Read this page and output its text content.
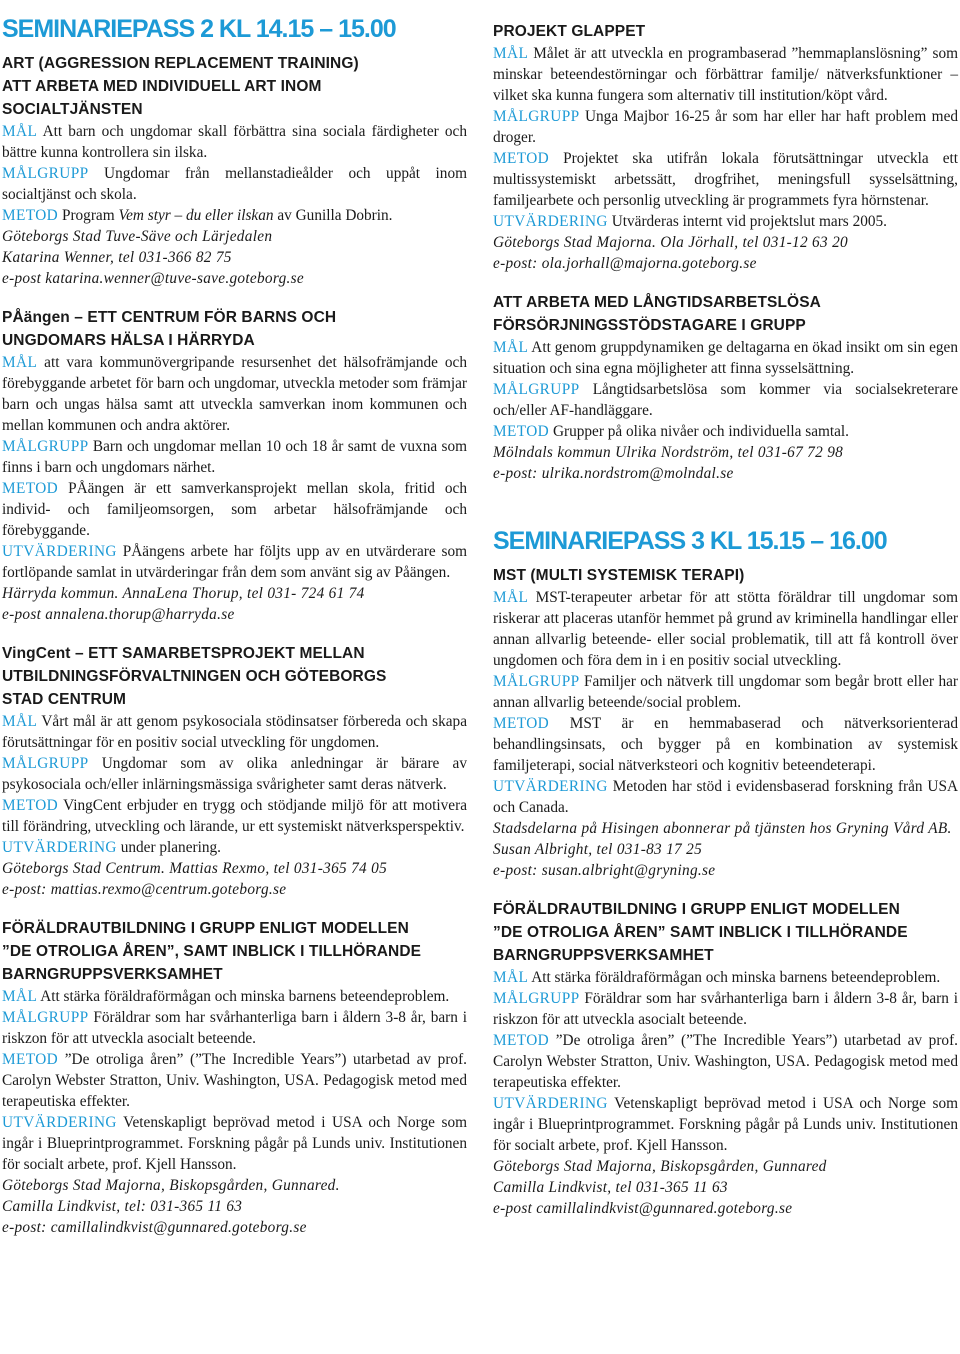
SEMINARIEPASS 2 KL 14.15 – 15.00
ART (AGGRESSION REPLACEMENT TRAINING)
ATT ARBETA MED INDIVIDUELL ART INOM
SOCIALTJÄNSTEN

MÅL Att barn och ungdomar skall förbättra sina sociala färdigheter och bättre kunna kontrollera sin ilska.

MÅLGRUPP Ungdomar från mellanstadieålder och uppåt inom socialtjänst och skola.

METOD Program Vem styr – du eller ilskan av Gunilla Dobrin.

Göteborgs Stad Tuve-Säve och Lärjedalen

Katarina Wenner, tel 031-366 82 75

e-post katarina.wenner@tuve-save.goteborg.se

PÅängen – ETT CENTRUM FÖR BARNS OCH
UNGDOMARS HÄLSA I HÄRRYDA

MÅL att vara kommunövergripande resursenhet det hälsofrämjande och förebyggande arbetet för barn och ungdomar, utveckla metoder som främjar barn och ungas hälsa samt att utveckla samverkan inom kommunen och mellan kommunen och andra aktörer.

MÅLGRUPP Barn och ungdomar mellan 10 och 18 år samt de vuxna som finns i barn och ungdomars närhet.

METOD PÅängen är ett samverkansprojekt mellan skola, fritid och individ- och familjeomsorgen, som arbetar hälsofrämjande och förebyggande.

UTVÄRDERING PÅängens arbete har följts upp av en utvärderare som fortlöpande samlat in utvärderingar från dem som använt sig av Påängen.

Härryda kommun. AnnaLena Thorup, tel 031- 724 61 74

e-post annalena.thorup@harryda.se

VingCent – ETT SAMARBETSPROJEKT MELLAN
UTBILDNINGSFÖRVALTNINGEN OCH GÖTEBORGS
STAD CENTRUM

MÅL Vårt mål är att genom psykosociala stödinsatser förbereda och skapa förutsättningar för en positiv social utveckling för ungdomen.

MÅLGRUPP Ungdomar som av olika anledningar är bärare av psykosociala och/eller inlärningsmässiga svårigheter samt deras nätverk.

METOD VingCent erbjuder en trygg och stödjande miljö för att motivera till förändring, utveckling och lärande, ur ett systemiskt nätverksperspektiv.

UTVÄRDERING under planering.

Göteborgs Stad Centrum. Mattias Rexmo, tel 031-365 74 05

e-post: mattias.rexmo@centrum.goteborg.se

FÖRÄLDRAUTBILDNING I GRUPP ENLIGT MODELLEN
”DE OTROLIGA ÅREN”, SAMT INBLICK I TILLHÖRANDE
BARNGRUPPSVERKSAMHET

MÅL Att stärka föräldraförmågan och minska barnens beteendeproblem.

MÅLGRUPP Föräldrar som har svårhanterliga barn i åldern 3-8 år, barn i riskzon för att utveckla asocialt beteende.

METOD ”De otroliga åren” (”The Incredible Years”) utarbetad av prof. Carolyn Webster Stratton, Univ. Washington, USA. Pedagogisk metod med terapeutiska effekter.

UTVÄRDERING Vetenskapligt beprövad metod i USA och Norge som ingår i Blueprintprogrammet. Forskning pågår på Lunds univ. Institutionen för socialt arbete, prof. Kjell Hansson.

Göteborgs Stad Majorna, Biskopsgården, Gunnared.

Camilla Lindkvist, tel: 031-365 11 63

e-post: camillalindkvist@gunnared.goteborg.se

PROJEKT GLAPPET

MÅL Målet är att utveckla en programbaserad ”hemmaplanslösning” som minskar beteendestörningar och förbättrar familje/ nätverksfunktioner – vilket ska kunna fungera som alternativ till institution/köpt vård.

MÅLGRUPP Unga Majbor 16-25 år som har eller har haft problem med droger.

METOD Projektet ska utifrån lokala förutsättningar utveckla ett multissystemiskt arbetssätt, drogfrihet, meningsfull sysselsättning, familjearbete och personlig utveckling är programmets fyra hörnstenar.

UTVÄRDERING Utvärderas internt vid projektslut mars 2005.

Göteborgs Stad Majorna. Ola Jörhall, tel 031-12 63 20

e-post: ola.jorhall@majorna.goteborg.se

ATT ARBETA MED LÅNGTIDSARBETSLÖSA
FÖRSÖRJNINGSSTÖDSTAGARE I GRUPP

MÅL Att genom gruppdynamiken ge deltagarna en ökad insikt om sin egen situation och sina egna möjligheter att finna sysselsättning.

MÅLGRUPP Långtidsarbetslösa som kommer via socialsekreterare och/eller AF-handläggare.

METOD Grupper på olika nivåer och individuella samtal.

Mölndals kommun Ulrika Nordström, tel 031-67 72 98

e-post: ulrika.nordstrom@molndal.se

SEMINARIEPASS 3 KL 15.15 – 16.00
MST (MULTI SYSTEMISK TERAPI)

MÅL MST-terapeuter arbetar för att stötta föräldrar till ungdomar som riskerar att placeras utanför hemmet på grund av kriminella handlingar eller annan allvarlig beteende- eller social problematik, till att få kontroll över ungdomen och föra dem in i en positiv social utveckling.

MÅLGRUPP Familjer och nätverk till ungdomar som begår brott eller har annan allvarlig beteende/social problem.

METOD MST är en hemmabaserad och nätverksorienterad behandlingsinsats, och bygger på en kombination av systemisk familjeterapi, social nätverksteori och kognitiv beteendeterapi.

UTVÄRDERING Metoden har stöd i evidensbaserad forskning från USA och Canada.

Stadsdelarna på Hisingen abonnerar på tjänsten hos Gryning Vård AB. Susan Albright, tel 031-83 17 25

e-post: susan.albright@gryning.se

FÖRÄLDRAUTBILDNING I GRUPP ENLIGT MODELLEN
”DE OTROLIGA ÅREN” SAMT INBLICK I TILLHÖRANDE
BARNGRUPPSVERKSAMHET

MÅL Att stärka föräldraförmågan och minska barnens beteendeproblem.

MÅLGRUPP Föräldrar som har svårhanterliga barn i åldern 3-8 år, barn i riskzon för att utveckla asocialt beteende.

METOD ”De otroliga åren” (”The Incredible Years”) utarbetad av prof. Carolyn Webster Stratton, Univ. Washington, USA. Pedagogisk metod med terapeutiska effekter.

UTVÄRDERING Vetenskapligt beprövad metod i USA och Norge som ingår i Blueprintprogrammet. Forskning pågår på Lunds univ. Institutionen för socialt arbete, prof. Kjell Hansson.

Göteborgs Stad Majorna, Biskopsgården, Gunnared

Camilla Lindkvist, tel 031-365 11 63

e-post camillalindkvist@gunnared.goteborg.se
